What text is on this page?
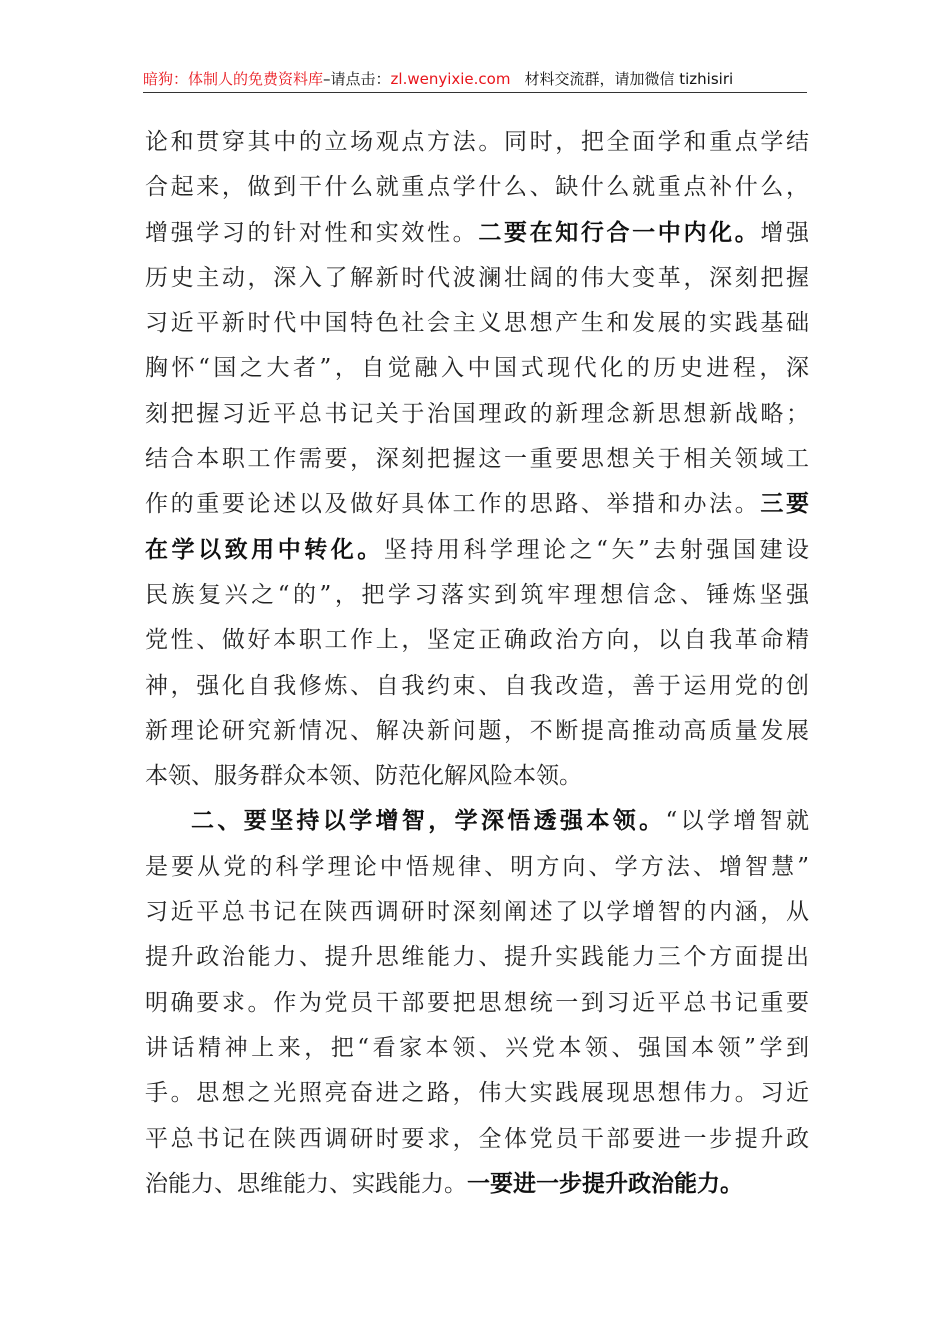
暗狗：体制人的免费资料库–请点击：zl.wenyixie.com 材料交流群，请加微信 tizhisiri
论和贯穿其中的立场观点方法。同时，把全面学和重点学结
合起来，做到干什么就重点学什么、缺什么就重点补什么，
增强学习的针对性和实效性。二要在知行合一中内化。增强
历史主动，深入了解新时代波澜壮阔的伟大变革，深刻把握
习近平新时代中国特色社会主义思想产生和发展的实践基础
胸怀“国之大者”，自觉融入中国式现代化的历史进程，深
刻把握习近平总书记关于治国理政的新理念新思想新战略；
结合本职工作需要，深刻把握这一重要思想关于相关领域工
作的重要论述以及做好具体工作的思路、举措和办法。三要
在学以致用中转化。坚持用科学理论之“矢”去射强国建设
民族复兴之“的”，把学习落实到筑牢理想信念、锤炼坚强
党性、做好本职工作上，坚定正确政治方向，以自我革命精
神，强化自我修炼、自我约束、自我改造，善于运用党的创
新理论研究新情况、解决新问题，不断提高推动高质量发展
本领、服务群众本领、防范化解风险本领。
二、要坚持以学增智，学深悟透强本领。“以学增智就
是要从党的科学理论中悟规律、明方向、学方法、增智慧”
习近平总书记在陕西调研时深刻阐述了以学增智的内涵，从
提升政治能力、提升思维能力、提升实践能力三个方面提出
明确要求。作为党员干部要把思想统一到习近平总书记重要
讲话精神上来，把“看家本领、兴党本领、强国本领”学到
手。思想之光照亮奋进之路，伟大实践展现思想伟力。习近
平总书记在陕西调研时要求，全体党员干部要进一步提升政
治能力、思维能力、实践能力。一要进一步提升政治能力。
